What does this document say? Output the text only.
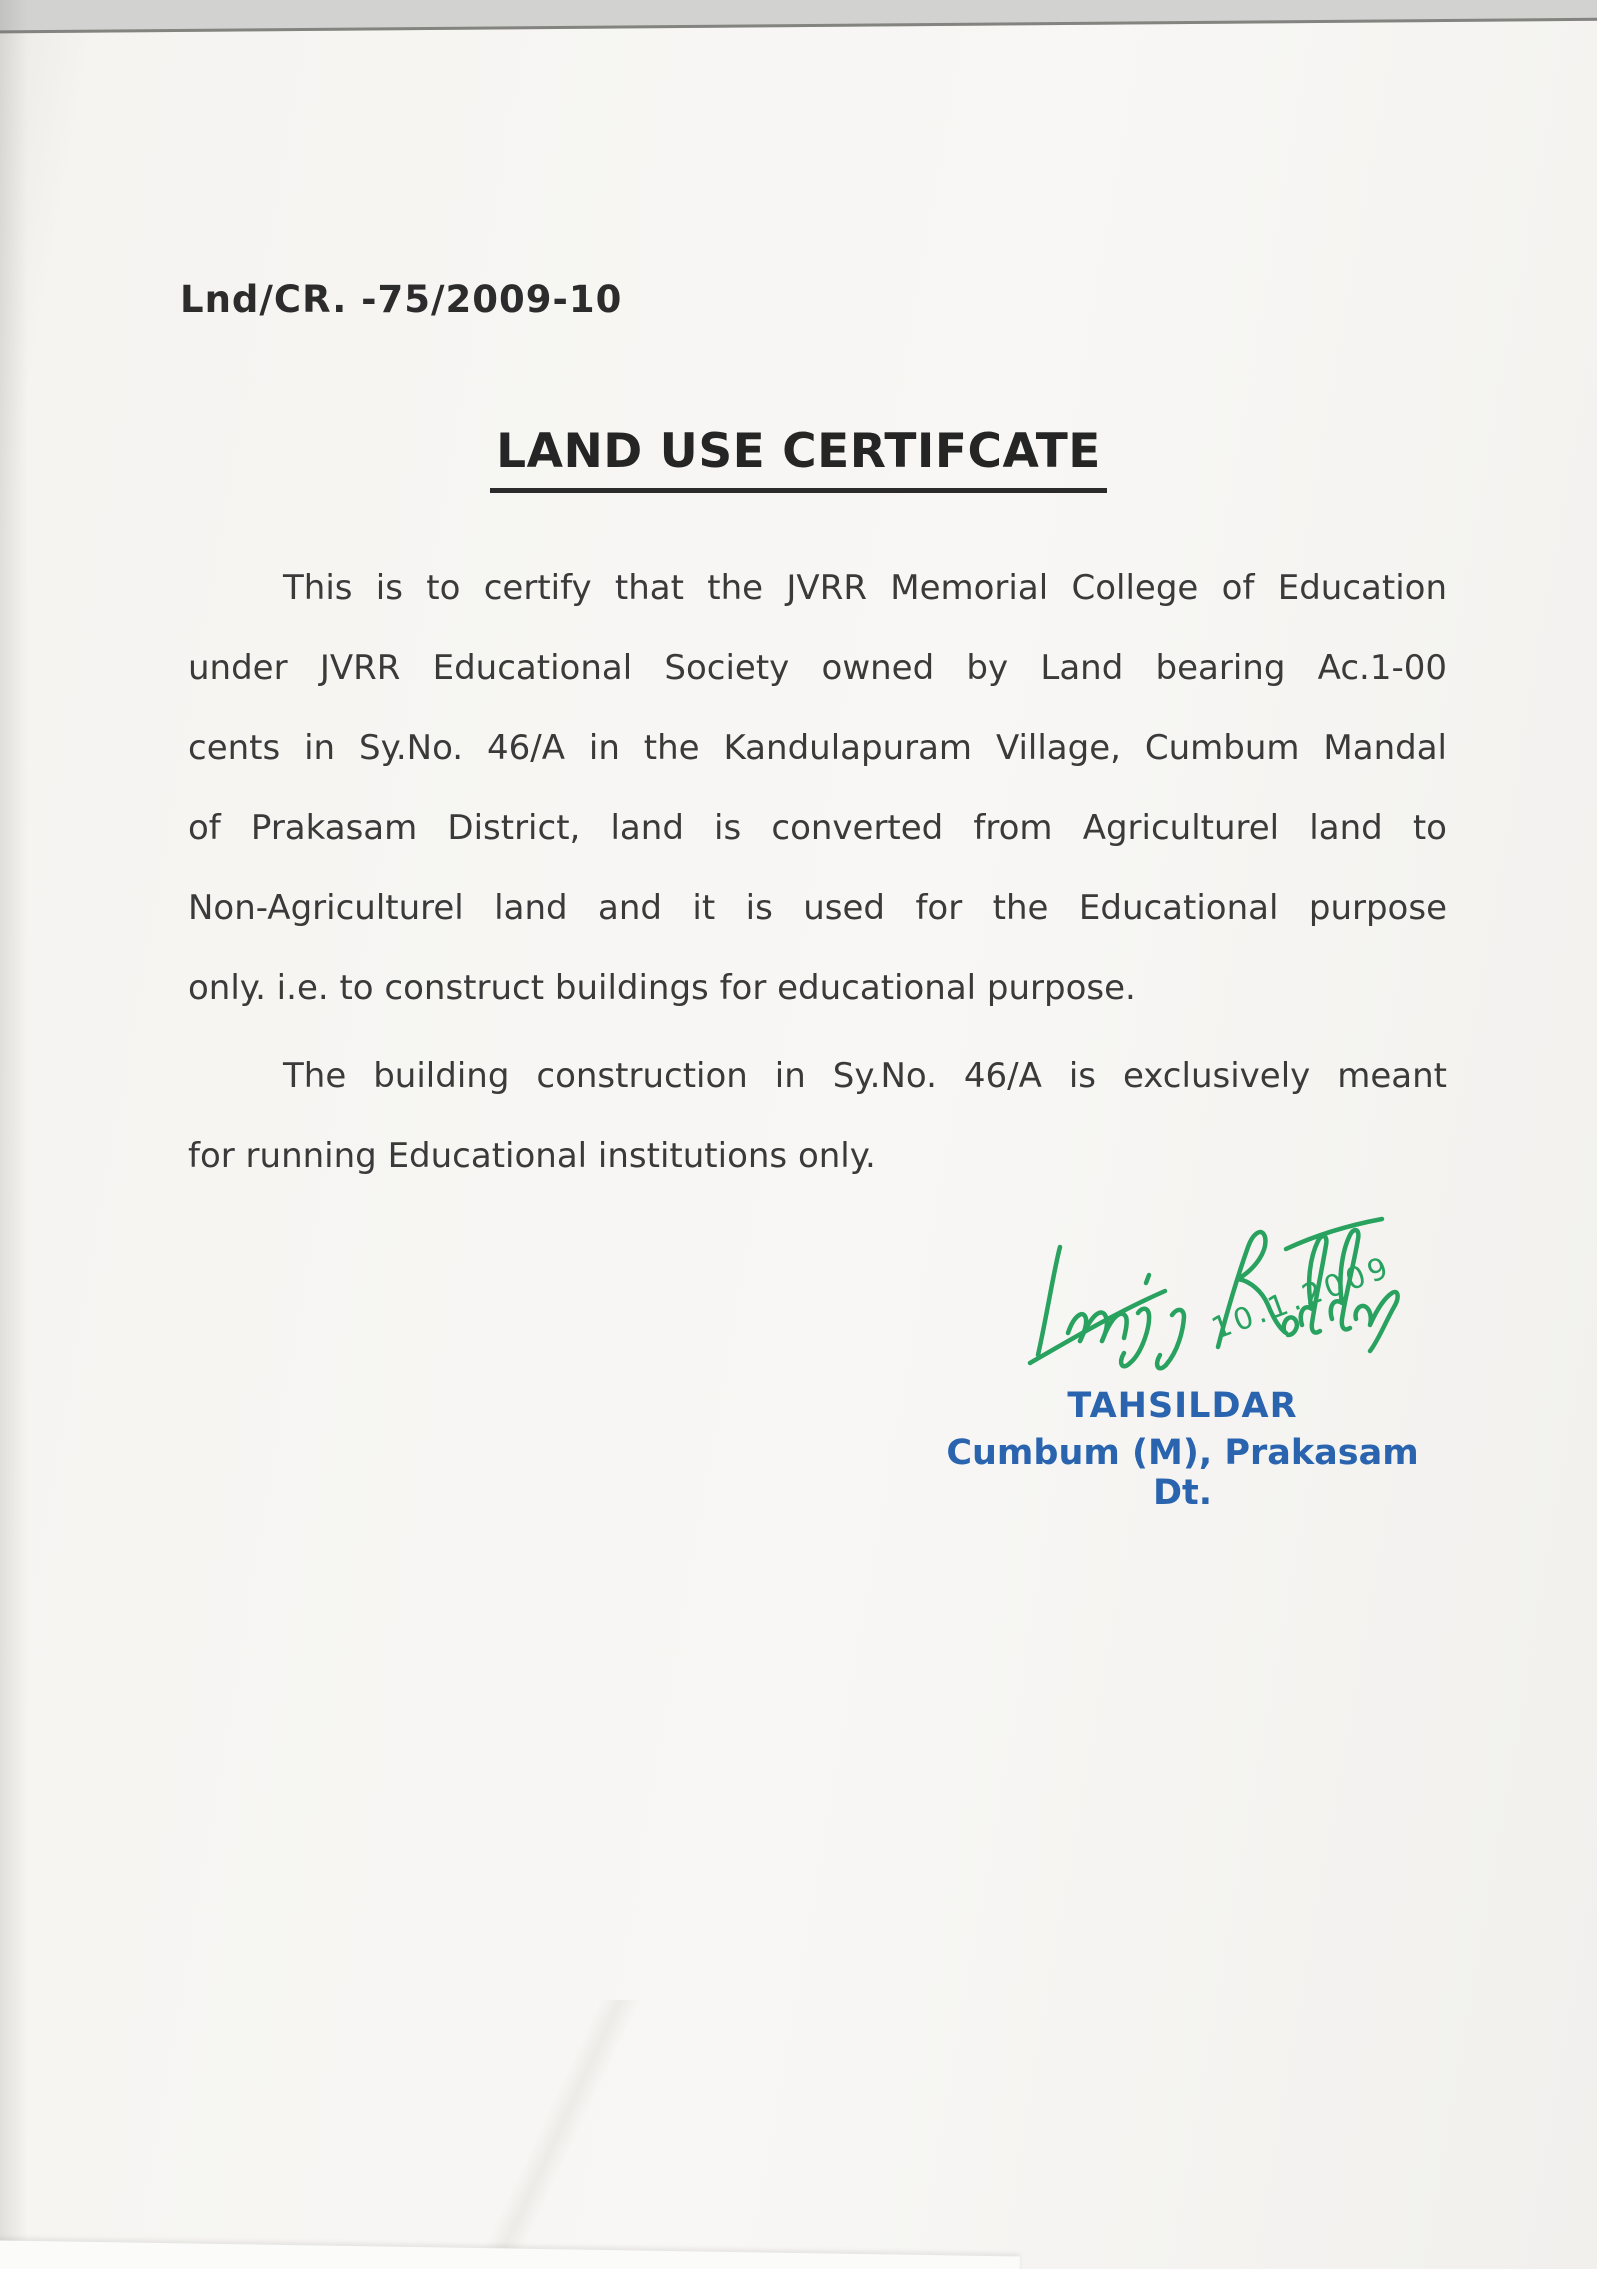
Lnd/CR. -75/2009-10
LAND USE CERTIFCATE
This is to certify that the JVRR Memorial College of Education
under JVRR Educational Society owned by Land bearing Ac.1-00
cents in Sy.No. 46/A in the Kandulapuram Village, Cumbum Mandal
of Prakasam District, land is converted from Agriculturel land to
Non-Agriculturel land and it is used for the Educational purpose
only. i.e. to construct buildings for educational purpose.
The building construction in Sy.No. 46/A is exclusively meant
for running Educational institutions only.
10.1.2009
TAHSILDAR
Cumbum (M), Prakasam Dt.
